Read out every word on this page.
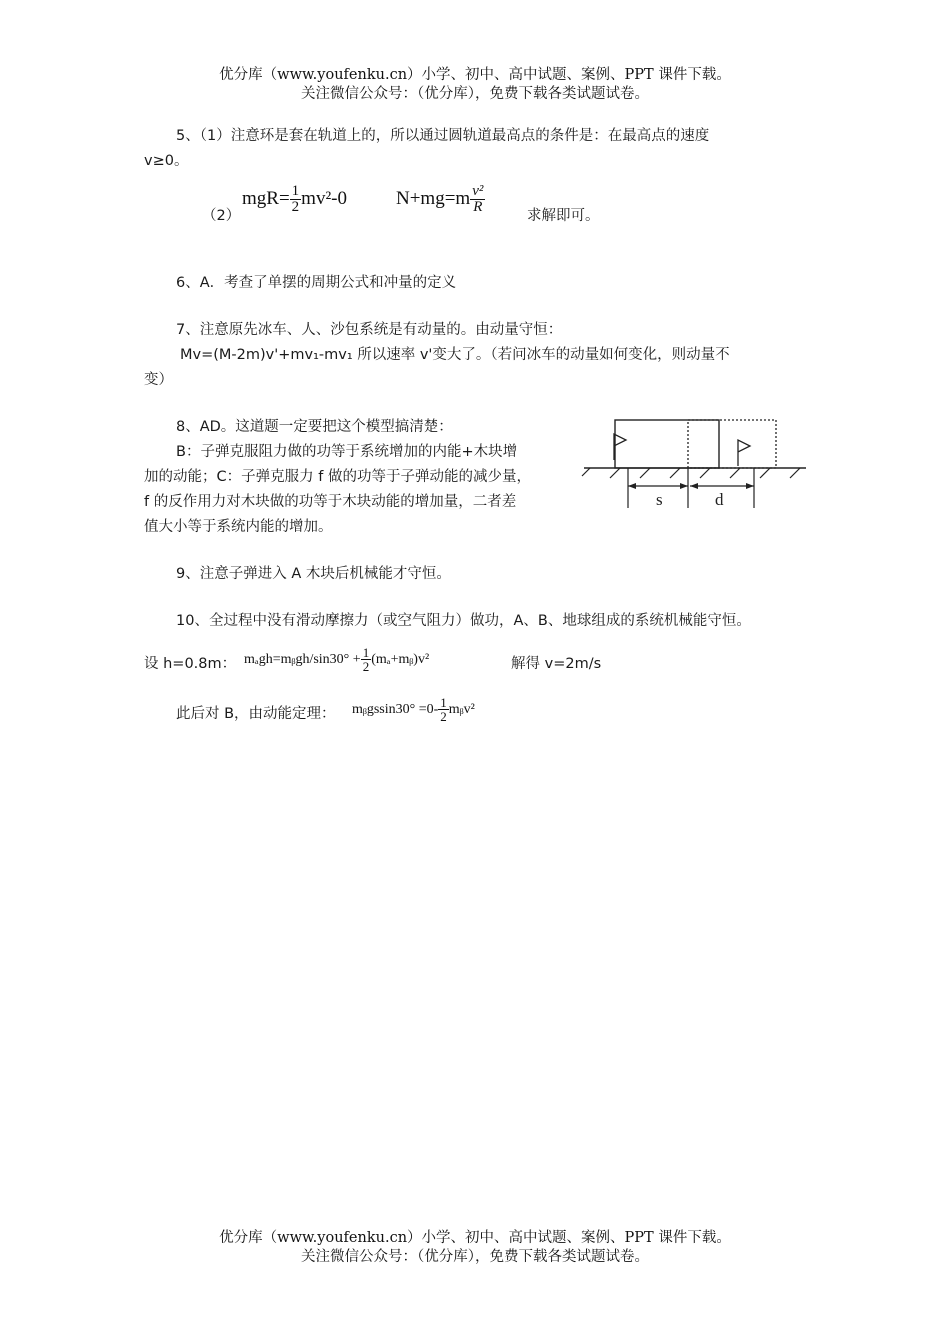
优分库（www.youfenku.cn）小学、初中、高中试题、案例、PPT 课件下载。
关注微信公众号：（优分库），免费下载各类试题试卷。
5、（1）注意环是套在轨道上的，所以通过圆轨道最高点的条件是：在最高点的速度
v≥0。
（2）
$mgR= \frac{1}{2} mv^2-0$	$N+mg=m \frac{\text{v²}}{R}$
求解即可。
6、A．考查了单摆的周期公式和冲量的定义
7、注意原先冰车、人、沙包系统是有动量的。由动量守恒：
Mv=(M-2m)v'+mv₁-mv₁ 所以速率 v'变大了。（若问冰车的动量如何变化，则动量不
变）
8、AD。这道题一定要把这个模型搞清楚：
B：子弹克服阻力做的功等于系统增加的内能+木块增
加的动能；C：子弹克服力 f 做的功等于子弹动能的减少量，
f 的反作用力对木块做的功等于木块动能的增加量，二者差
值大小等于系统内能的增加。
s	d
9、注意子弹进入 A 木块后机械能才守恒。
10、全过程中没有滑动摩擦力（或空气阻力）做功，A、B、地球组成的系统机械能守恒。
设 h=0.8m： mₐgh=mᵦgh/sin30° + $\frac{1}{2}$ (mₐ+mᵦ)v²	解得 v=2m/s
此后对 B，由动能定理： mᵦgssin30° $=0- \frac{1}{2}$ mᵦv²
优分库（www.youfenku.cn）小学、初中、高中试题、案例、PPT 课件下载。
关注微信公众号：（优分库），免费下载各类试题试卷。
